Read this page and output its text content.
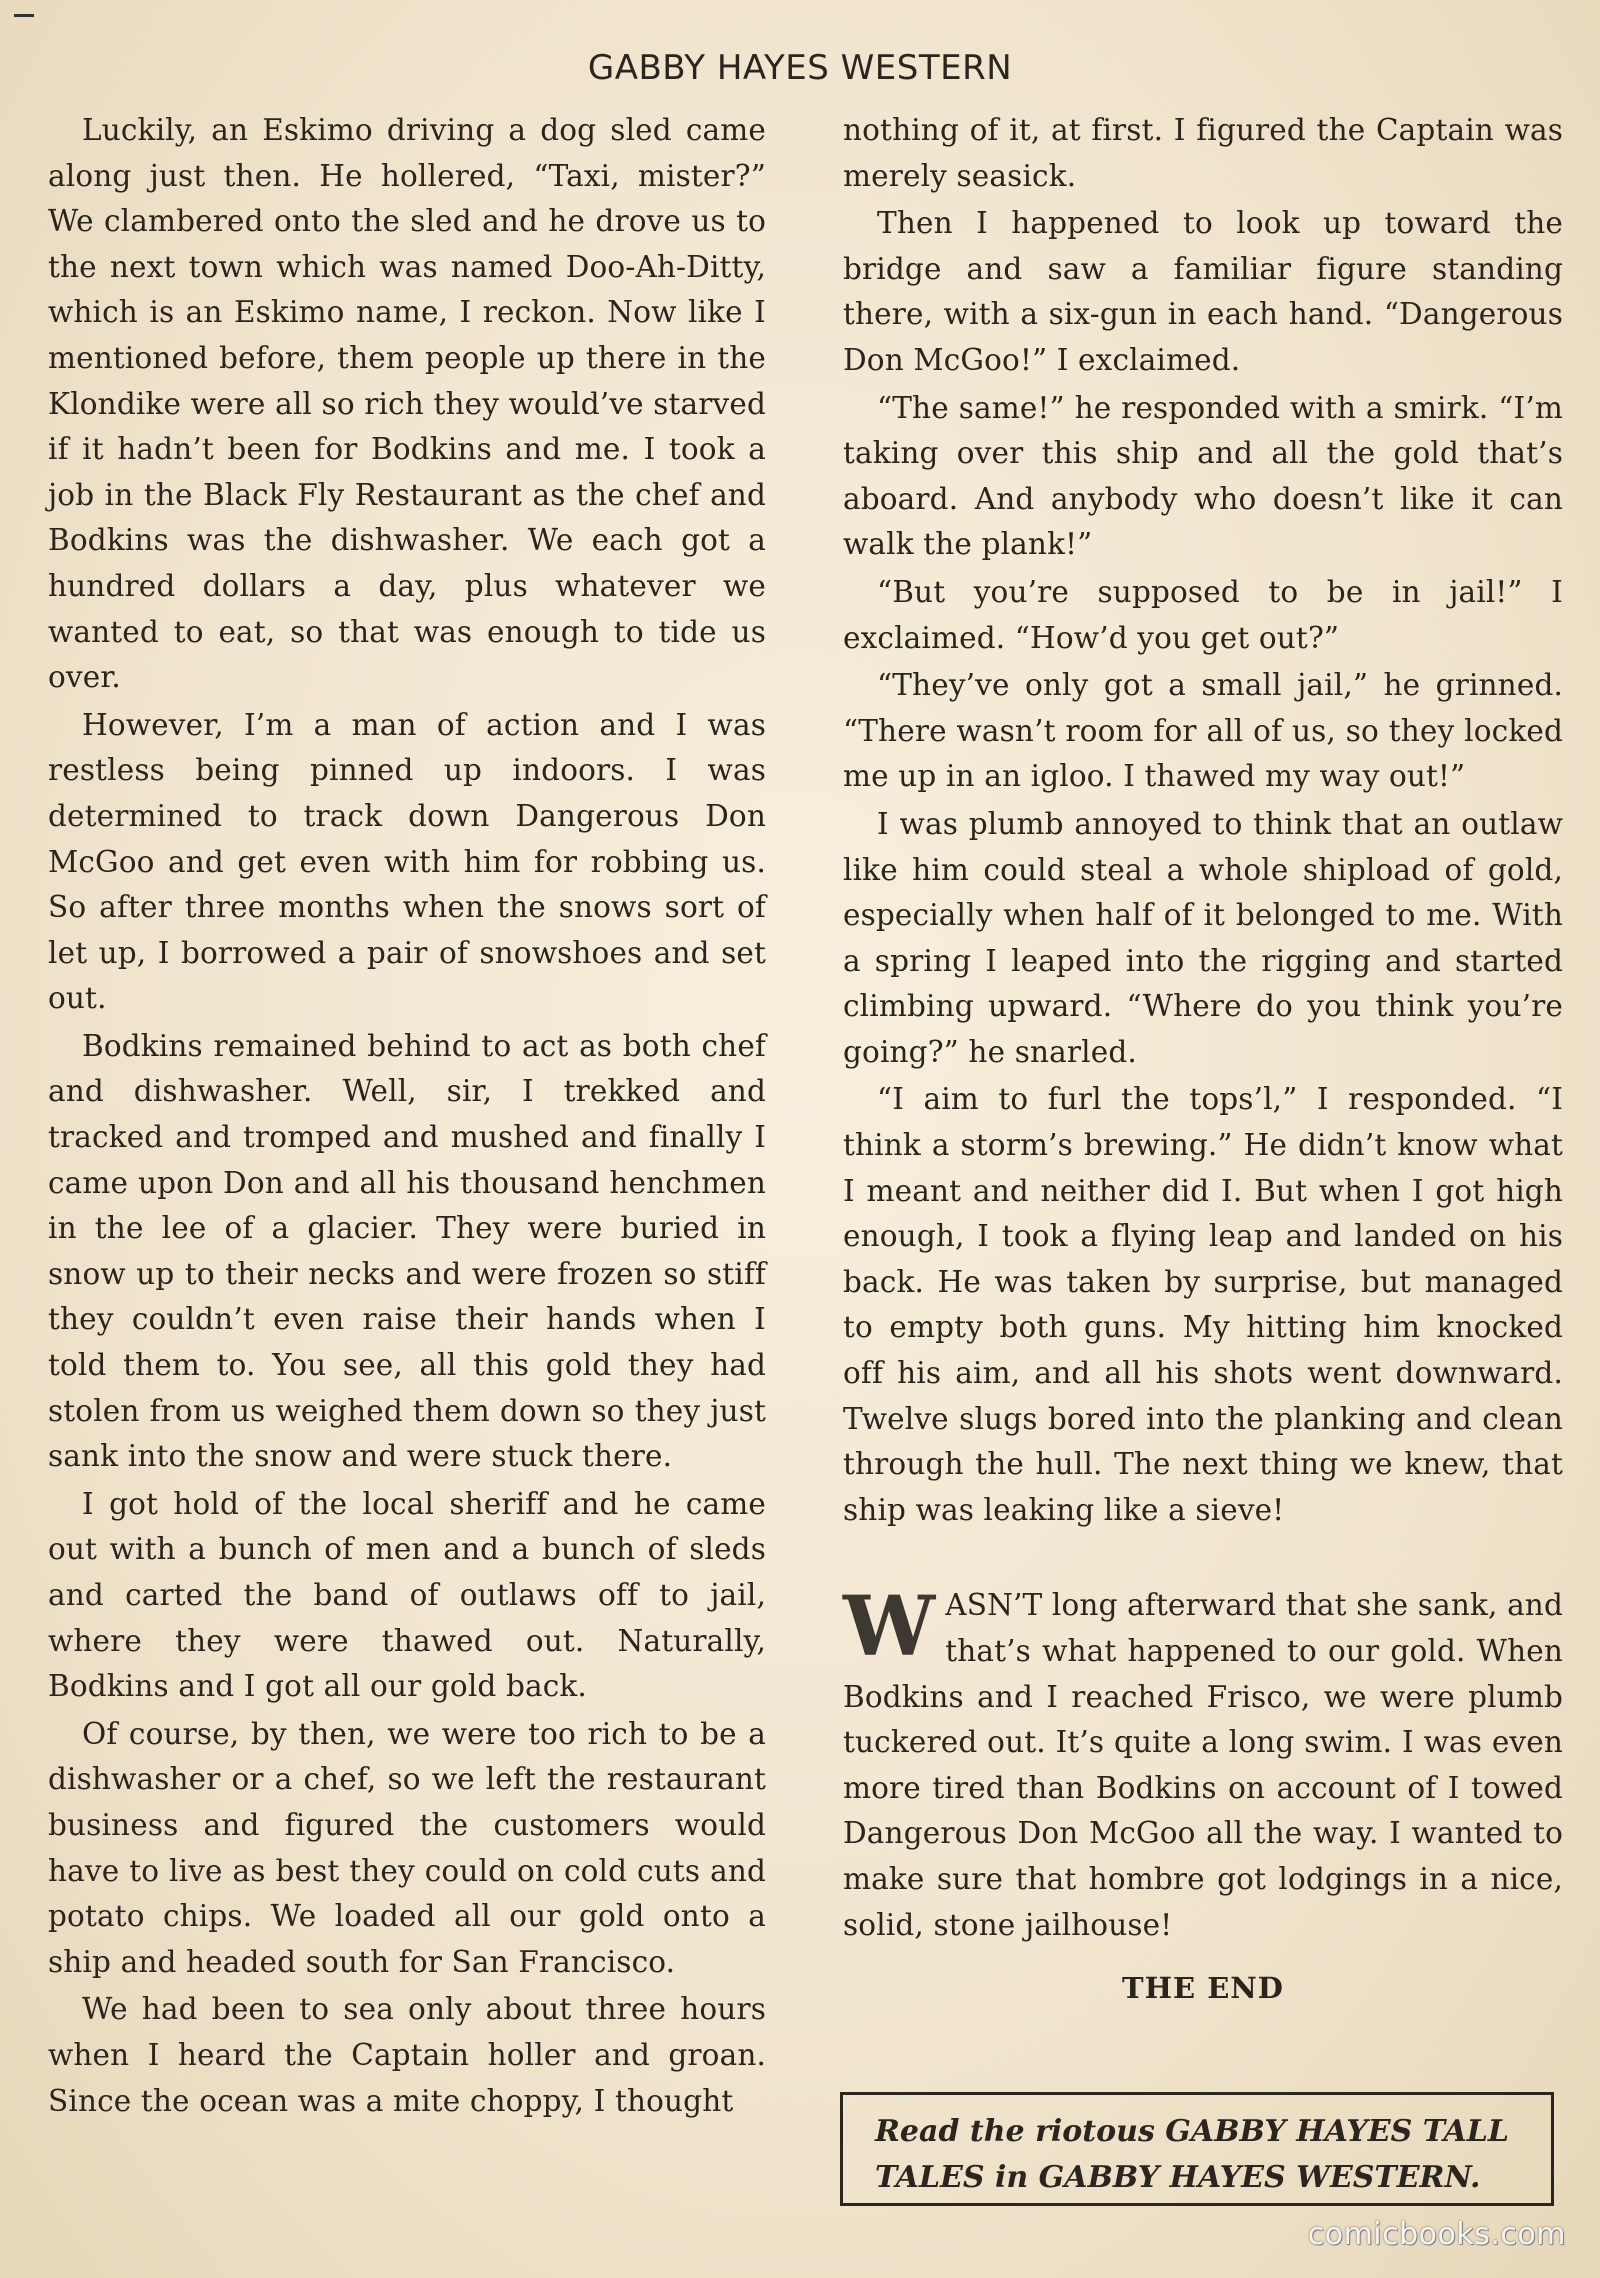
GABBY HAYES WESTERN

Luckily, an Eskimo driving a dog sled came along just then. He hollered, “Taxi, mister?” We clambered onto the sled and he drove us to the next town which was named Doo-Ah-Ditty, which is an Eskimo name, I reckon. Now like I mentioned before, them people up there in the Klondike were all so rich they would’ve starved if it hadn’t been for Bodkins and me. I took a job in the Black Fly Restaurant as the chef and Bodkins was the dishwasher. We each got a hundred dollars a day, plus whatever we wanted to eat, so that was enough to tide us over.

However, I’m a man of action and I was restless being pinned up indoors. I was determined to track down Dangerous Don McGoo and get even with him for robbing us. So after three months when the snows sort of let up, I borrowed a pair of snowshoes and set out.

Bodkins remained behind to act as both chef and dishwasher. Well, sir, I trekked and tracked and tromped and mushed and finally I came upon Don and all his thousand henchmen in the lee of a glacier. They were buried in snow up to their necks and were frozen so stiff they couldn’t even raise their hands when I told them to. You see, all this gold they had stolen from us weighed them down so they just sank into the snow and were stuck there.

I got hold of the local sheriff and he came out with a bunch of men and a bunch of sleds and carted the band of outlaws off to jail, where they were thawed out. Naturally, Bodkins and I got all our gold back.

Of course, by then, we were too rich to be a dishwasher or a chef, so we left the restaurant business and figured the customers would have to live as best they could on cold cuts and potato chips. We loaded all our gold onto a ship and headed south for San Francisco.

We had been to sea only about three hours when I heard the Captain holler and groan. Since the ocean was a mite choppy, I thought

nothing of it, at first. I figured the Captain was merely seasick.

Then I happened to look up toward the bridge and saw a familiar figure standing there, with a six-gun in each hand. “Dangerous Don McGoo!” I exclaimed.

“The same!” he responded with a smirk. “I’m taking over this ship and all the gold that’s aboard. And anybody who doesn’t like it can walk the plank!”

“But you’re supposed to be in jail!” I exclaimed. “How’d you get out?”

“They’ve only got a small jail,” he grinned. “There wasn’t room for all of us, so they locked me up in an igloo. I thawed my way out!”

I was plumb annoyed to think that an outlaw like him could steal a whole shipload of gold, especially when half of it belonged to me. With a spring I leaped into the rigging and started climbing upward. “Where do you think you’re going?” he snarled.

“I aim to furl the tops’l,” I responded. “I think a storm’s brewing.” He didn’t know what I meant and neither did I. But when I got high enough, I took a flying leap and landed on his back. He was taken by surprise, but managed to empty both guns. My hitting him knocked off his aim, and all his shots went downward. Twelve slugs bored into the planking and clean through the hull. The next thing we knew, that ship was leaking like a sieve!

WASN’T long afterward that she sank, and that’s what happened to our gold. When Bodkins and I reached Frisco, we were plumb tuckered out. It’s quite a long swim. I was even more tired than Bodkins on account of I towed Dangerous Don McGoo all the way. I wanted to make sure that hombre got lodgings in a nice, solid, stone jailhouse!

THE END
Read the riotous GABBY HAYES TALL TALES in GABBY HAYES WESTERN.
comicbooks.com
